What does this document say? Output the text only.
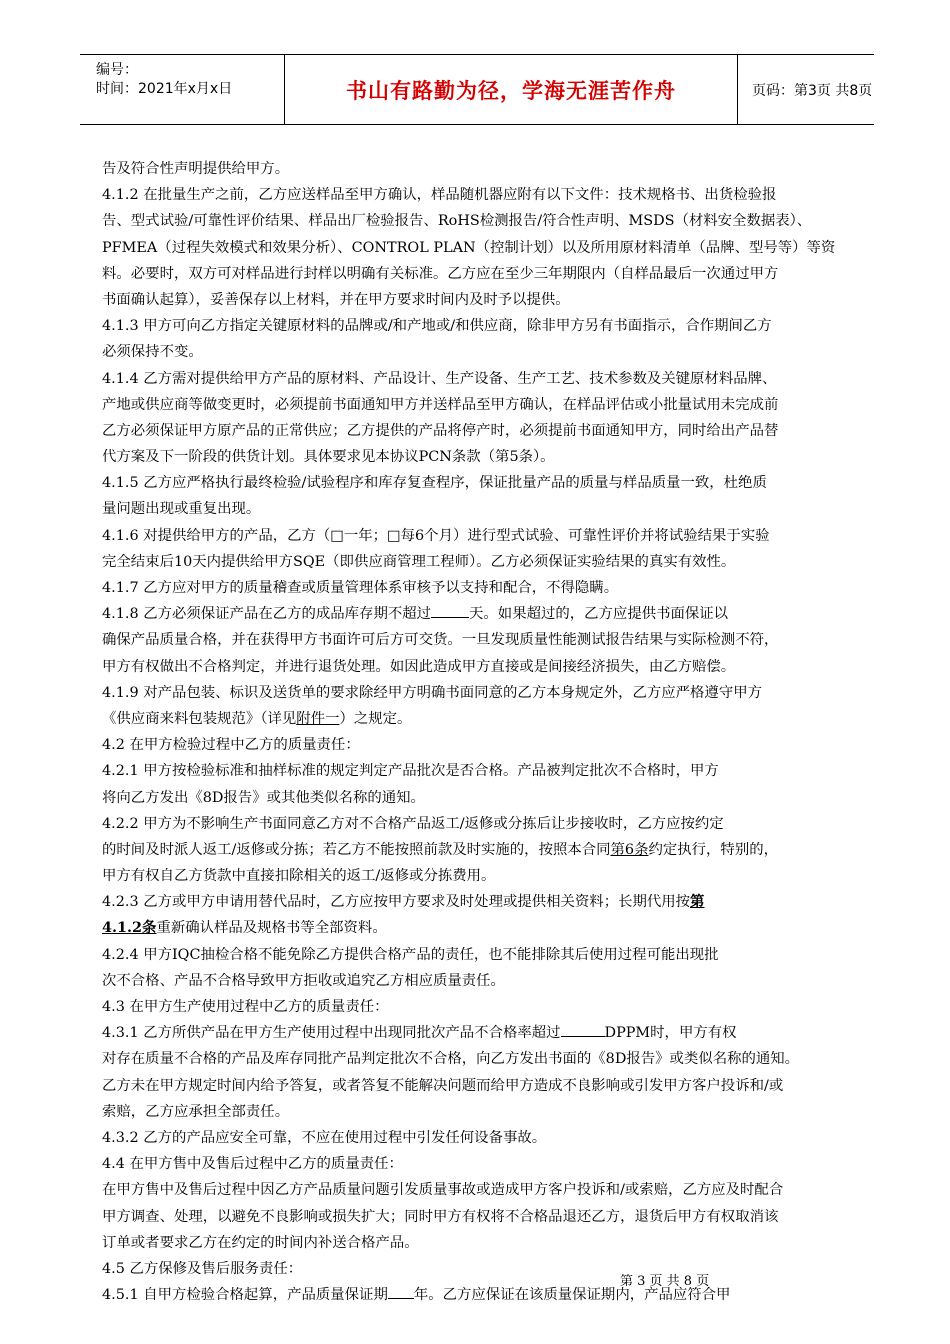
编号：
时间：2021年x月x日	书山有路勤为径，学海无涯苦作舟	页码：第3页 共8页
告及符合性声明提供给甲方。
4.1.2 在批量生产之前，乙方应送样品至甲方确认，样品随机器应附有以下文件：技术规格书、出货检验报
告、型式试验/可靠性评价结果、样品出厂检验报告、RoHS检测报告/符合性声明、MSDS（材料安全数据表）、
PFMEA（过程失效模式和效果分析）、CONTROL PLAN（控制计划）以及所用原材料清单（品牌、型号等）等资
料。必要时，双方可对样品进行封样以明确有关标准。乙方应在至少三年期限内（自样品最后一次通过甲方
书面确认起算），妥善保存以上材料，并在甲方要求时间内及时予以提供。
4.1.3 甲方可向乙方指定关键原材料的品牌或/和产地或/和供应商，除非甲方另有书面指示，合作期间乙方
必须保持不变。
4.1.4 乙方需对提供给甲方产品的原材料、产品设计、生产设备、生产工艺、技术参数及关键原材料品牌、
产地或供应商等做变更时，必须提前书面通知甲方并送样品至甲方确认，在样品评估或小批量试用未完成前
乙方必须保证甲方原产品的正常供应；乙方提供的产品将停产时，必须提前书面通知甲方，同时给出产品替
代方案及下一阶段的供货计划。具体要求见本协议PCN条款（第5条）。
4.1.5 乙方应严格执行最终检验/试验程序和库存复查程序，保证批量产品的质量与样品质量一致，杜绝质
量问题出现或重复出现。
4.1.6 对提供给甲方的产品，乙方（□一年；□每6个月）进行型式试验、可靠性评价并将试验结果于实验
完全结束后10天内提供给甲方SQE（即供应商管理工程师）。乙方必须保证实验结果的真实有效性。
4.1.7 乙方应对甲方的质量稽查或质量管理体系审核予以支持和配合，不得隐瞒。
4.1.8 乙方必须保证产品在乙方的成品库存期不超过	天。如果超过的，乙方应提供书面保证以
确保产品质量合格，并在获得甲方书面许可后方可交货。一旦发现质量性能测试报告结果与实际检测不符，
甲方有权做出不合格判定，并进行退货处理。如因此造成甲方直接或是间接经济损失，由乙方赔偿。
4.1.9 对产品包装、标识及送货单的要求除经甲方明确书面同意的乙方本身规定外，乙方应严格遵守甲方
《供应商来料包装规范》（详见附件一）之规定。
4.2 在甲方检验过程中乙方的质量责任：
4.2.1 甲方按检验标准和抽样标准的规定判定产品批次是否合格。产品被判定批次不合格时，甲方
将向乙方发出《8D报告》或其他类似名称的通知。
4.2.2 甲方为不影响生产书面同意乙方对不合格产品返工/返修或分拣后让步接收时，乙方应按约定
的时间及时派人返工/返修或分拣；若乙方不能按照前款及时实施的，按照本合同第6条约定执行，特别的，
甲方有权自乙方货款中直接扣除相关的返工/返修或分拣费用。
4.2.3 乙方或甲方申请用替代品时，乙方应按甲方要求及时处理或提供相关资料；长期代用按第
4.1.2条重新确认样品及规格书等全部资料。
4.2.4 甲方IQC抽检合格不能免除乙方提供合格产品的责任，也不能排除其后使用过程可能出现批
次不合格、产品不合格导致甲方拒收或追究乙方相应质量责任。
4.3 在甲方生产使用过程中乙方的质量责任：
4.3.1 乙方所供产品在甲方生产使用过程中出现同批次产品不合格率超过	DPPM时，甲方有权
对存在质量不合格的产品及库存同批产品判定批次不合格，向乙方发出书面的《8D报告》或类似名称的通知。
乙方未在甲方规定时间内给予答复，或者答复不能解决问题而给甲方造成不良影响或引发甲方客户投诉和/或
索赔，乙方应承担全部责任。
4.3.2 乙方的产品应安全可靠，不应在使用过程中引发任何设备事故。
4.4 在甲方售中及售后过程中乙方的质量责任：
在甲方售中及售后过程中因乙方产品质量问题引发质量事故或造成甲方客户投诉和/或索赔，乙方应及时配合
甲方调查、处理，以避免不良影响或损失扩大；同时甲方有权将不合格品退还乙方，退货后甲方有权取消该
订单或者要求乙方在约定的时间内补送合格产品。
4.5 乙方保修及售后服务责任：
4.5.1 自甲方检验合格起算，产品质量保证期 年。乙方应保证在该质量保证期内，产品应符合甲
第 3 页 共 8 页
